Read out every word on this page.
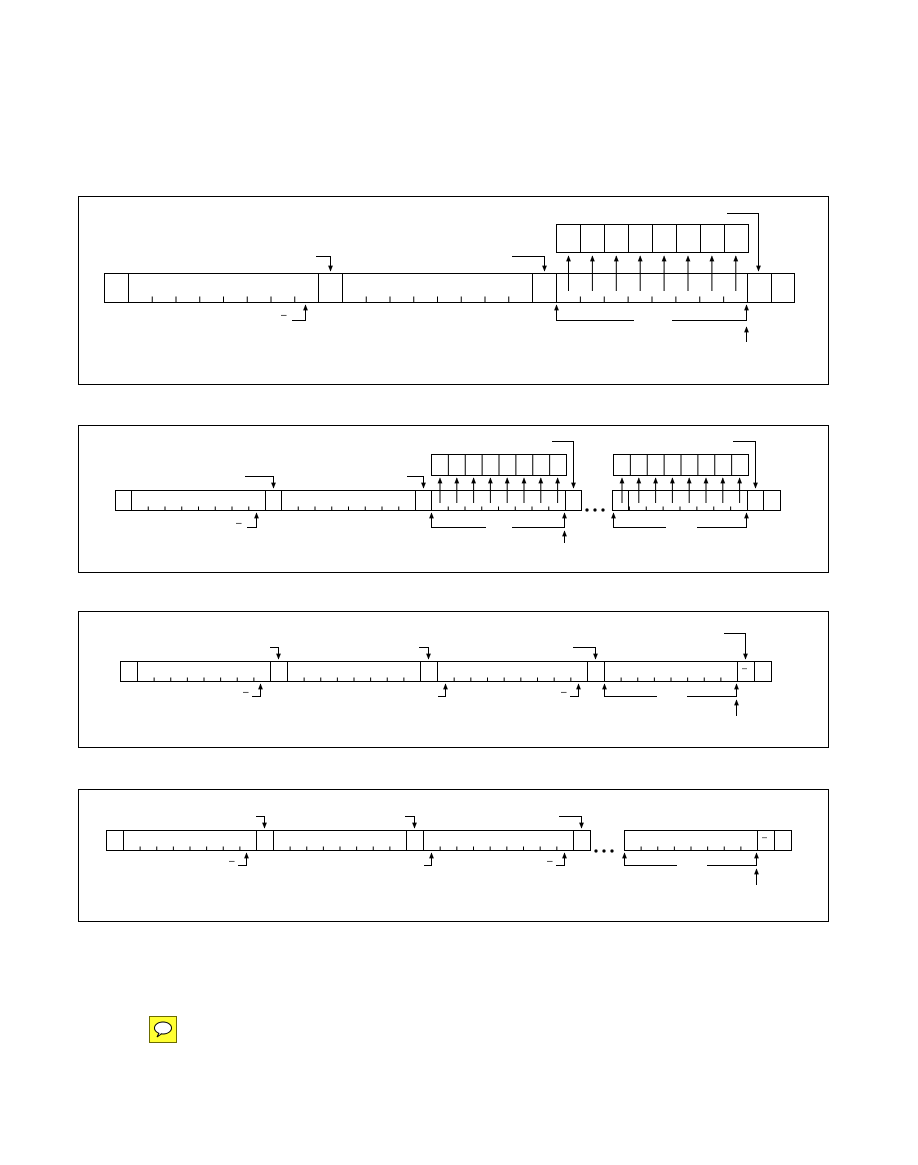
–
–
–
–	–
–
–	–
